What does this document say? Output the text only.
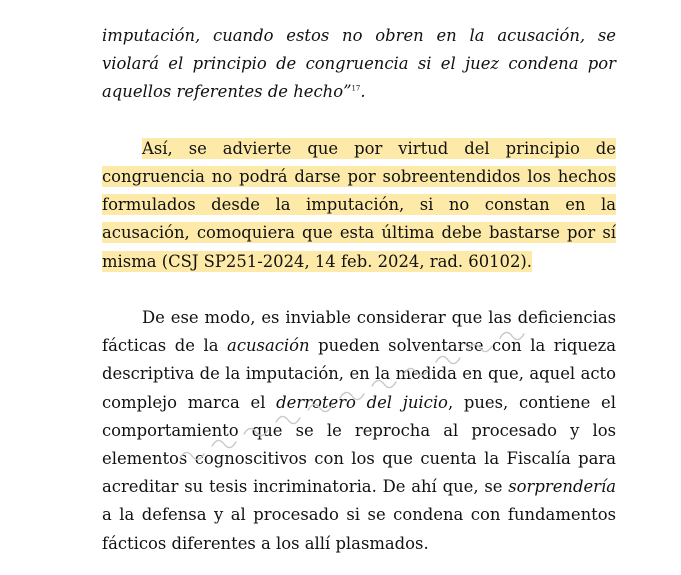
imputación, cuando estos no obren en la acusación, se violará el principio de congruencia si el juez condena por aquellos referentes de hecho”$^{17}$.

Así, se advierte que por virtud del principio de congruencia no podrá darse por sobreentendidos los hechos formulados desde la imputación, si no constan en la acusación, comoquiera que esta última debe bastarse por sí misma (CSJ SP251-2024, 14 feb. 2024, rad. 60102).

De ese modo, es inviable considerar que las deficiencias fácticas de la acusación pueden solventarse con la riqueza descriptiva de la imputación, en la medida en que, aquel acto complejo marca el derrotero del juicio, pues, contiene el comportamiento que se le reprocha al procesado y los elementos cognoscitivos con los que cuenta la Fiscalía para acreditar su tesis incriminatoria. De ahí que, se sorprendería a la defensa y al procesado si se condena con fundamentos fácticos diferentes a los allí plasmados.
